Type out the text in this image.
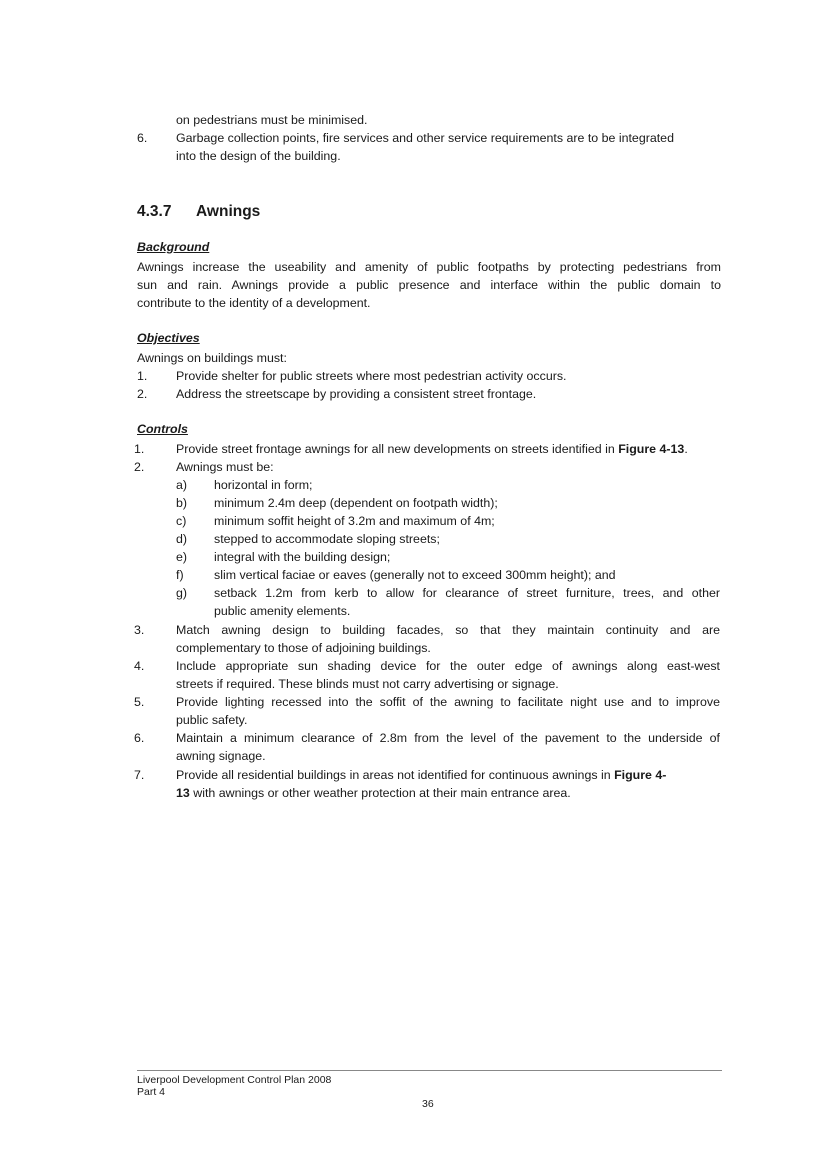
on pedestrians must be minimised.
6. Garbage collection points, fire services and other service requirements are to be integrated
into the design of the building.
4.3.7 Awnings
Background
Awnings increase the useability and amenity of public footpaths by protecting pedestrians from
sun and rain. Awnings provide a public presence and interface within the public domain to
contribute to the identity of a development.
Objectives
Awnings on buildings must:
1. Provide shelter for public streets where most pedestrian activity occurs.
2. Address the streetscape by providing a consistent street frontage.
Controls
1.	Provide street frontage awnings for all new developments on streets identified in Figure 4-13.
2.	Awnings must be:
a) horizontal in form;
b) minimum 2.4m deep (dependent on footpath width);
c) minimum soffit height of 3.2m and maximum of 4m;
d) stepped to accommodate sloping streets;
e) integral with the building design;
f) slim vertical faciae or eaves (generally not to exceed 300mm height); and
g) setback 1.2m from kerb to allow for clearance of street furniture, trees, and other
public amenity elements.
3.	Match awning design to building facades, so that they maintain continuity and are
complementary to those of adjoining buildings.
4.	Include appropriate sun shading device for the outer edge of awnings along east-west
streets if required. These blinds must not carry advertising or signage.
5.	Provide lighting recessed into the soffit of the awning to facilitate night use and to improve
public safety.
6.	Maintain a minimum clearance of 2.8m from the level of the pavement to the underside of
awning signage.
7.	Provide all residential buildings in areas not identified for continuous awnings in Figure 4-
13 with awnings or other weather protection at their main entrance area.
Liverpool Development Control Plan 2008
Part 4
36
